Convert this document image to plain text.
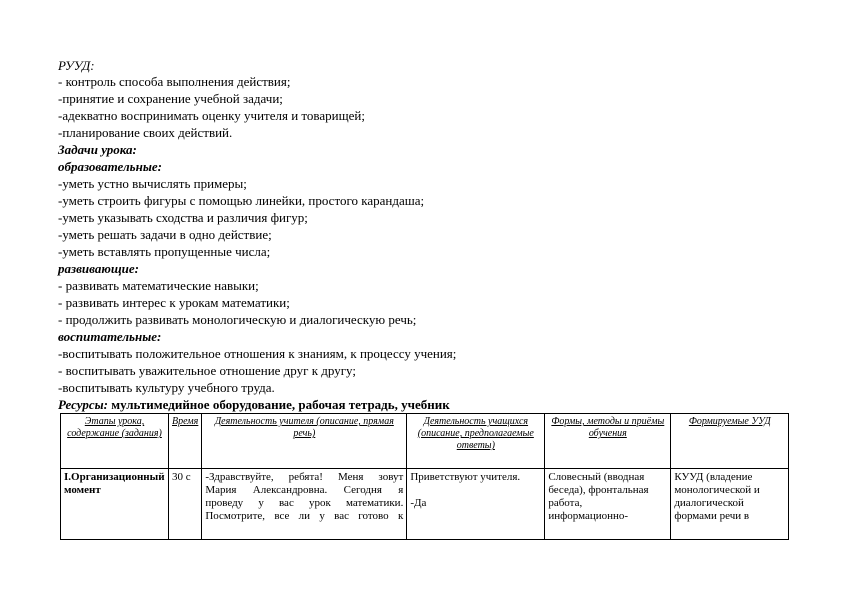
РУУД:
- контроль способа выполнения действия;
-принятие и сохранение учебной задачи;
-адекватно воспринимать оценку учителя и товарищей;
-планирование своих действий.
Задачи урока:
образовательные:
-уметь устно вычислять примеры;
-уметь строить фигуры с помощью линейки, простого карандаша;
-уметь указывать сходства и различия фигур;
-уметь решать задачи в одно действие;
-уметь вставлять пропущенные числа;
развивающие:
- развивать математические навыки;
- развивать интерес к урокам математики;
- продолжить развивать монологическую и диалогическую речь;
воспитательные:
-воспитывать положительное отношения к знаниям, к процессу учения;
- воспитывать уважительное отношение друг к другу;
-воспитывать культуру учебного труда.
Ресурсы: мультимедийное оборудование, рабочая тетрадь, учебник
Этапы урока, содержание (задания)	Время	Деятельность учителя (описание, прямая речь)	Деятельность учащихся (описание, предполагаемые ответы)	Формы, методы и приёмы обучения	Формируемые УУД
I.Организационный момент	30 с	-Здравствуйте, ребята! Меня зовут
Мария Александровна. Сегодня я
проведу у вас урок математики.
Посмотрите, все ли у вас готово к	Приветствуют учителя.
-Да	Словесный (вводная
беседа), фронтальная
работа,
информационно-	КУУД (владение
монологической и
диалогической
формами речи в
